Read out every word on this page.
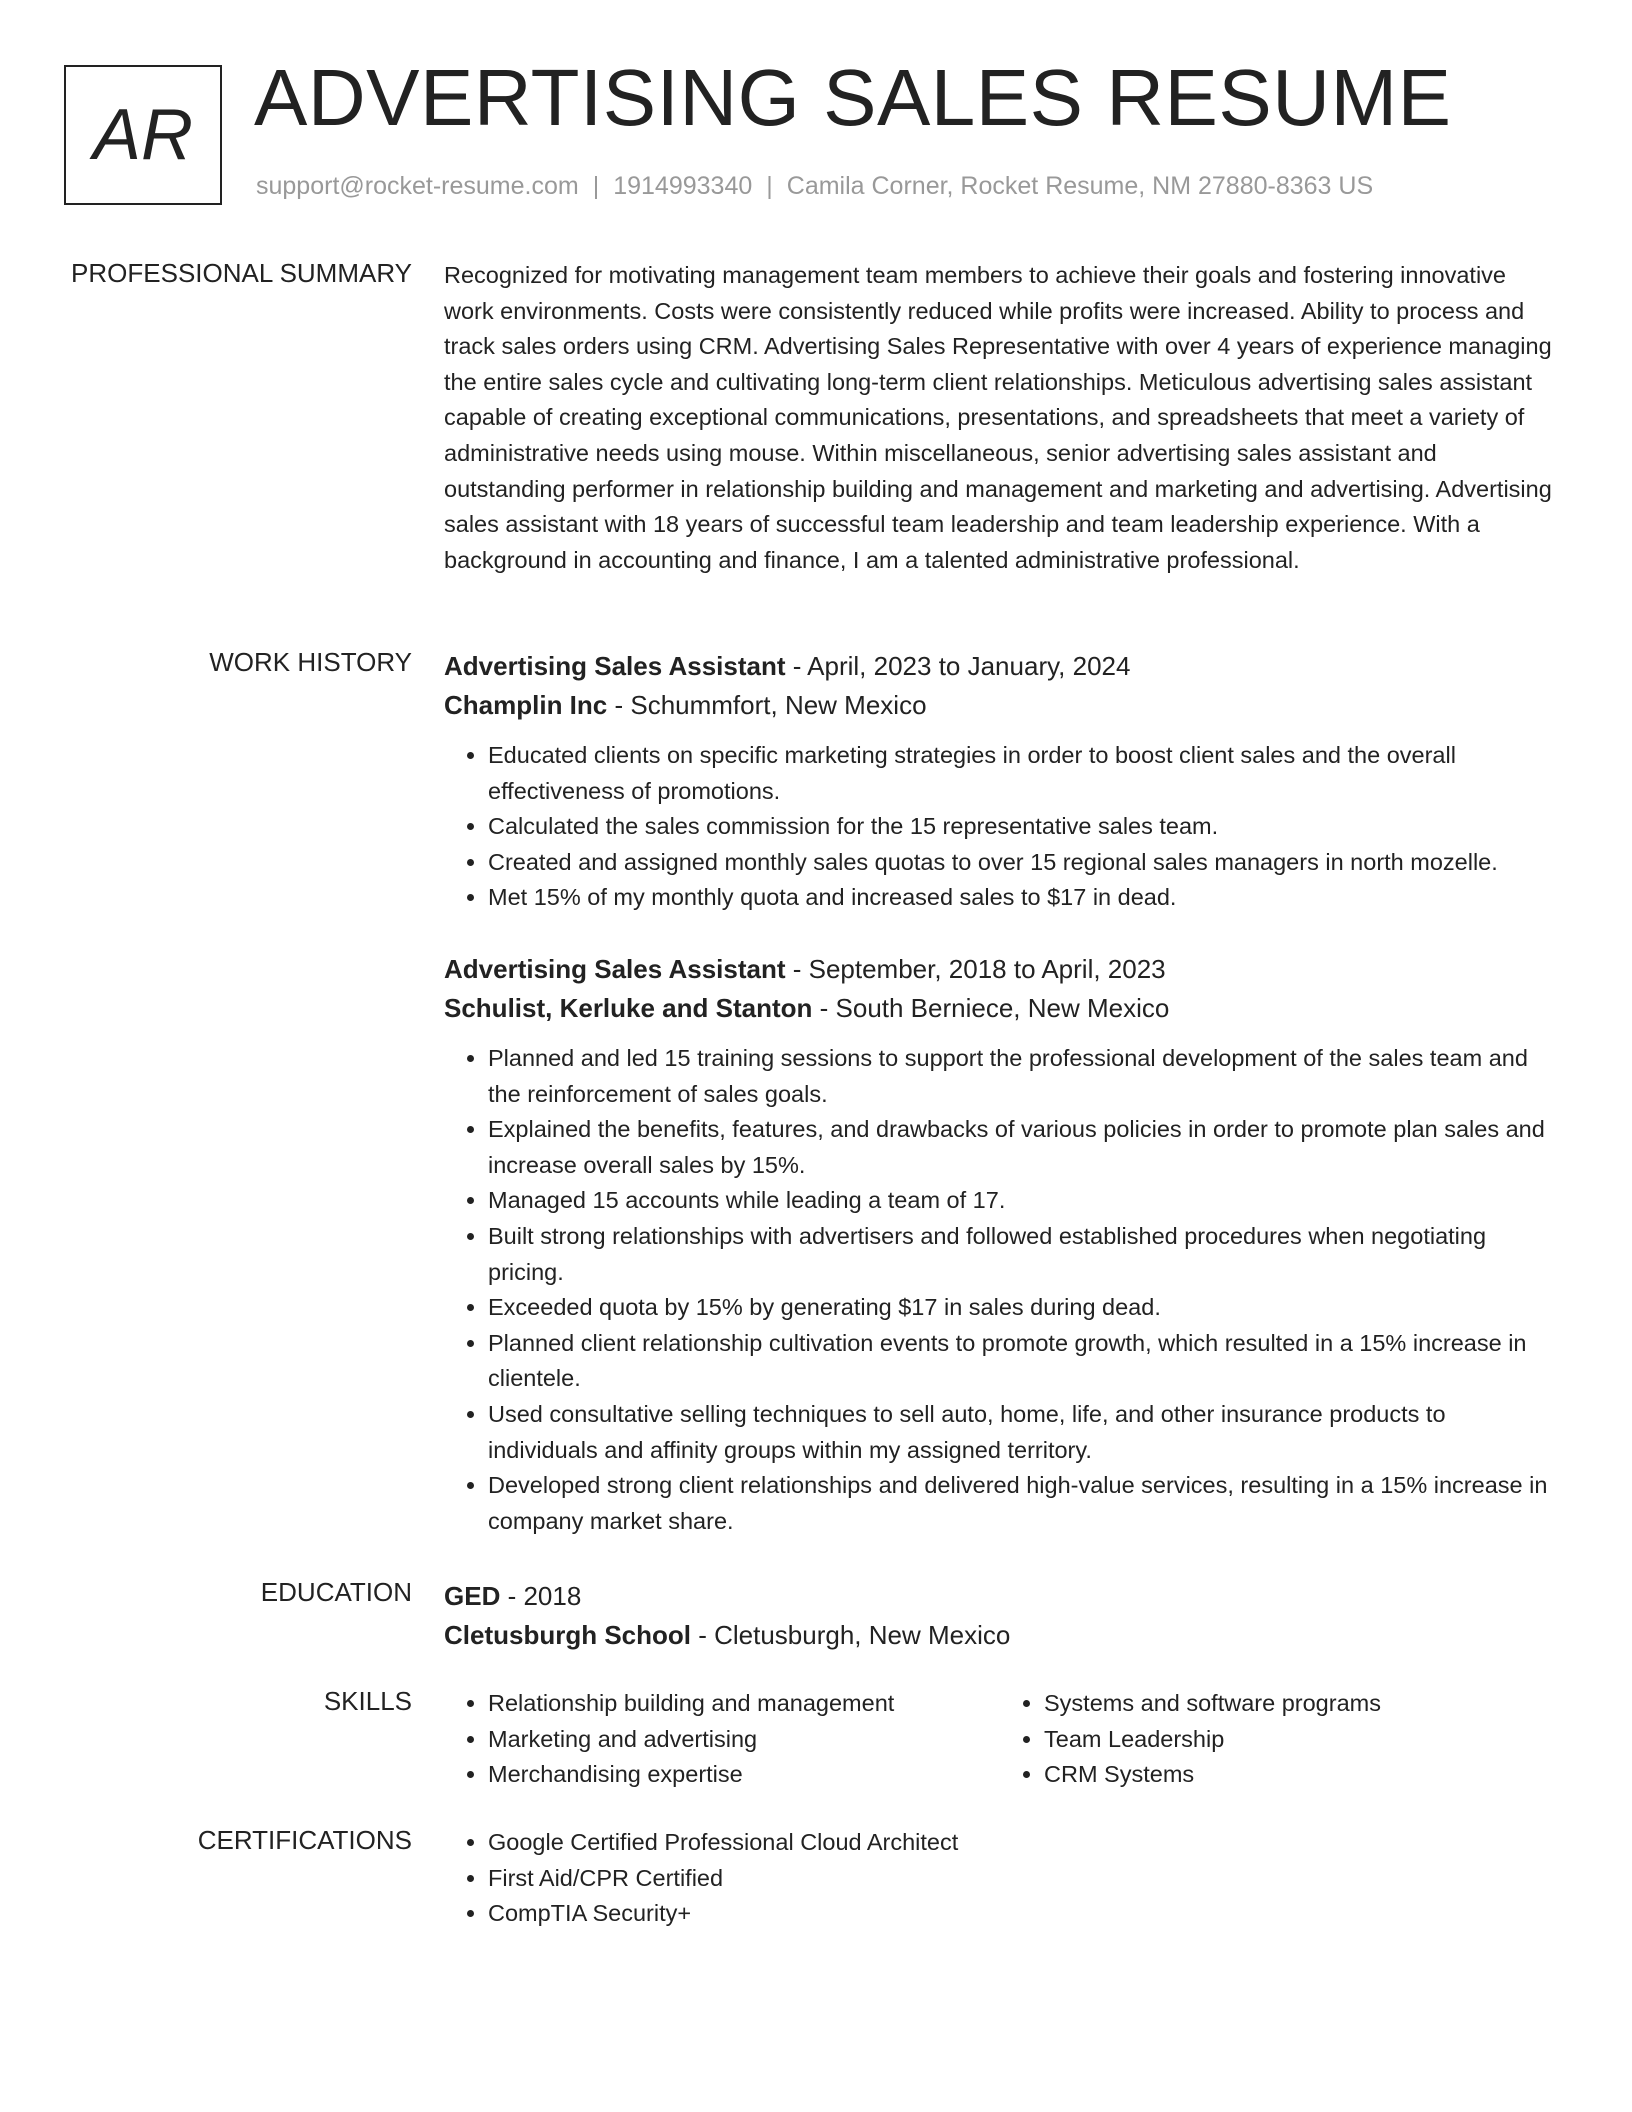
AR ADVERTISING SALES RESUME
support@rocket-resume.com | 1914993340 | Camila Corner, Rocket Resume, NM 27880-8363 US
PROFESSIONAL SUMMARY Recognized for motivating management team members to achieve their goals and fostering innovative work environments. Costs were consistently reduced while profits were increased. Ability to process and track sales orders using CRM. Advertising Sales Representative with over 4 years of experience managing the entire sales cycle and cultivating long-term client relationships. Meticulous advertising sales assistant capable of creating exceptional communications, presentations, and spreadsheets that meet a variety of administrative needs using mouse. Within miscellaneous, senior advertising sales assistant and outstanding performer in relationship building and management and marketing and advertising. Advertising sales assistant with 18 years of successful team leadership and team leadership experience. With a background in accounting and finance, I am a talented administrative professional.

WORK HISTORY Advertising Sales Assistant - April, 2023 to January, 2024
Champlin Inc - Schummfort, New Mexico
• Educated clients on specific marketing strategies in order to boost client sales and the overall effectiveness of promotions.
• Calculated the sales commission for the 15 representative sales team.
• Created and assigned monthly sales quotas to over 15 regional sales managers in north mozelle.
• Met 15% of my monthly quota and increased sales to $17 in dead.
Advertising Sales Assistant - September, 2018 to April, 2023
Schulist, Kerluke and Stanton - South Berniece, New Mexico
• Planned and led 15 training sessions to support the professional development of the sales team and the reinforcement of sales goals.
• Explained the benefits, features, and drawbacks of various policies in order to promote plan sales and increase overall sales by 15%.
• Managed 15 accounts while leading a team of 17.
• Built strong relationships with advertisers and followed established procedures when negotiating pricing.
• Exceeded quota by 15% by generating $17 in sales during dead.
• Planned client relationship cultivation events to promote growth, which resulted in a 15% increase in clientele.
• Used consultative selling techniques to sell auto, home, life, and other insurance products to individuals and affinity groups within my assigned territory.
• Developed strong client relationships and delivered high-value services, resulting in a 15% increase in company market share.
EDUCATION GED - 2018
Cletusburgh School - Cletusburgh, New Mexico
SKILLS	• Relationship building and management
• Marketing and advertising
• Merchandising expertise
• Systems and software programs
• Team Leadership
• CRM Systems
CERTIFICATIONS	• Google Certified Professional Cloud Architect
• First Aid/CPR Certified
• CompTIA Security+
